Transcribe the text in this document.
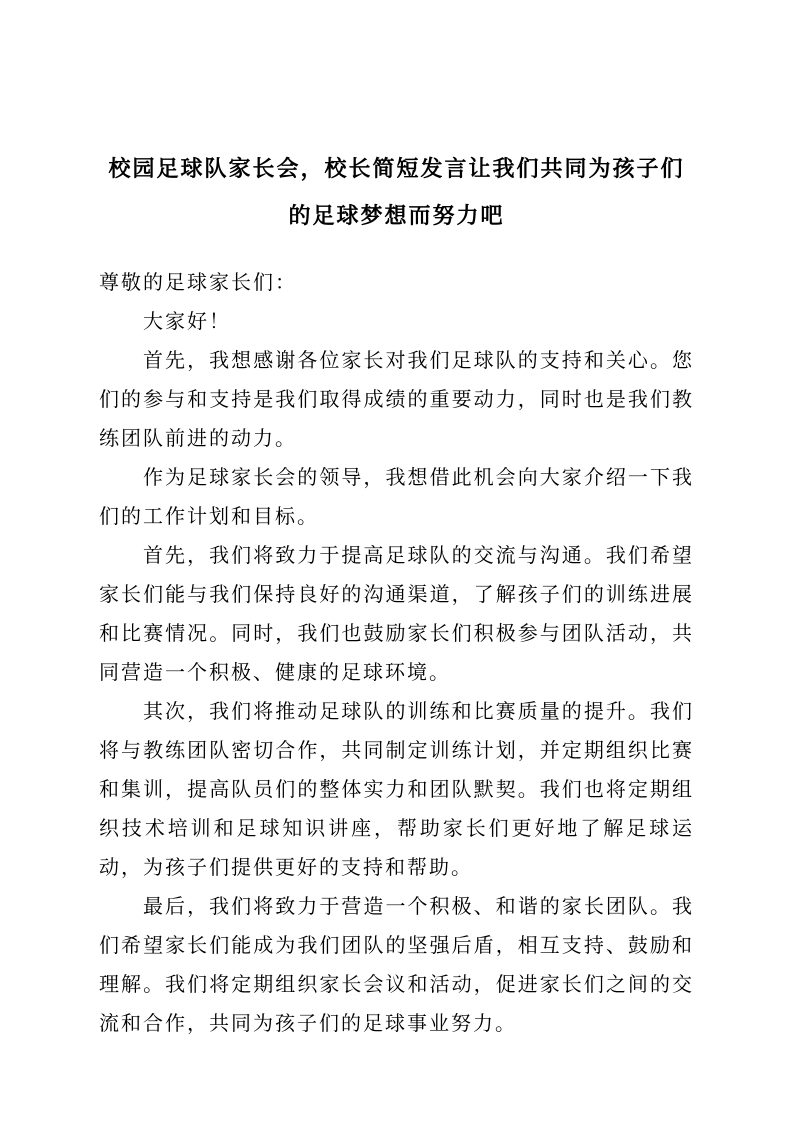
校园足球队家长会，校长简短发言让我们共同为孩子们的足球梦想而努力吧

尊敬的足球家长们：

大家好！

首先，我想感谢各位家长对我们足球队的支持和关心。您们的参与和支持是我们取得成绩的重要动力，同时也是我们教练团队前进的动力。

作为足球家长会的领导，我想借此机会向大家介绍一下我们的工作计划和目标。

首先，我们将致力于提高足球队的交流与沟通。我们希望家长们能与我们保持良好的沟通渠道，了解孩子们的训练进展和比赛情况。同时，我们也鼓励家长们积极参与团队活动，共同营造一个积极、健康的足球环境。

其次，我们将推动足球队的训练和比赛质量的提升。我们将与教练团队密切合作，共同制定训练计划，并定期组织比赛和集训，提高队员们的整体实力和团队默契。我们也将定期组织技术培训和足球知识讲座，帮助家长们更好地了解足球运动，为孩子们提供更好的支持和帮助。

最后，我们将致力于营造一个积极、和谐的家长团队。我们希望家长们能成为我们团队的坚强后盾，相互支持、鼓励和理解。我们将定期组织家长会议和活动，促进家长们之间的交流和合作，共同为孩子们的足球事业努力。
